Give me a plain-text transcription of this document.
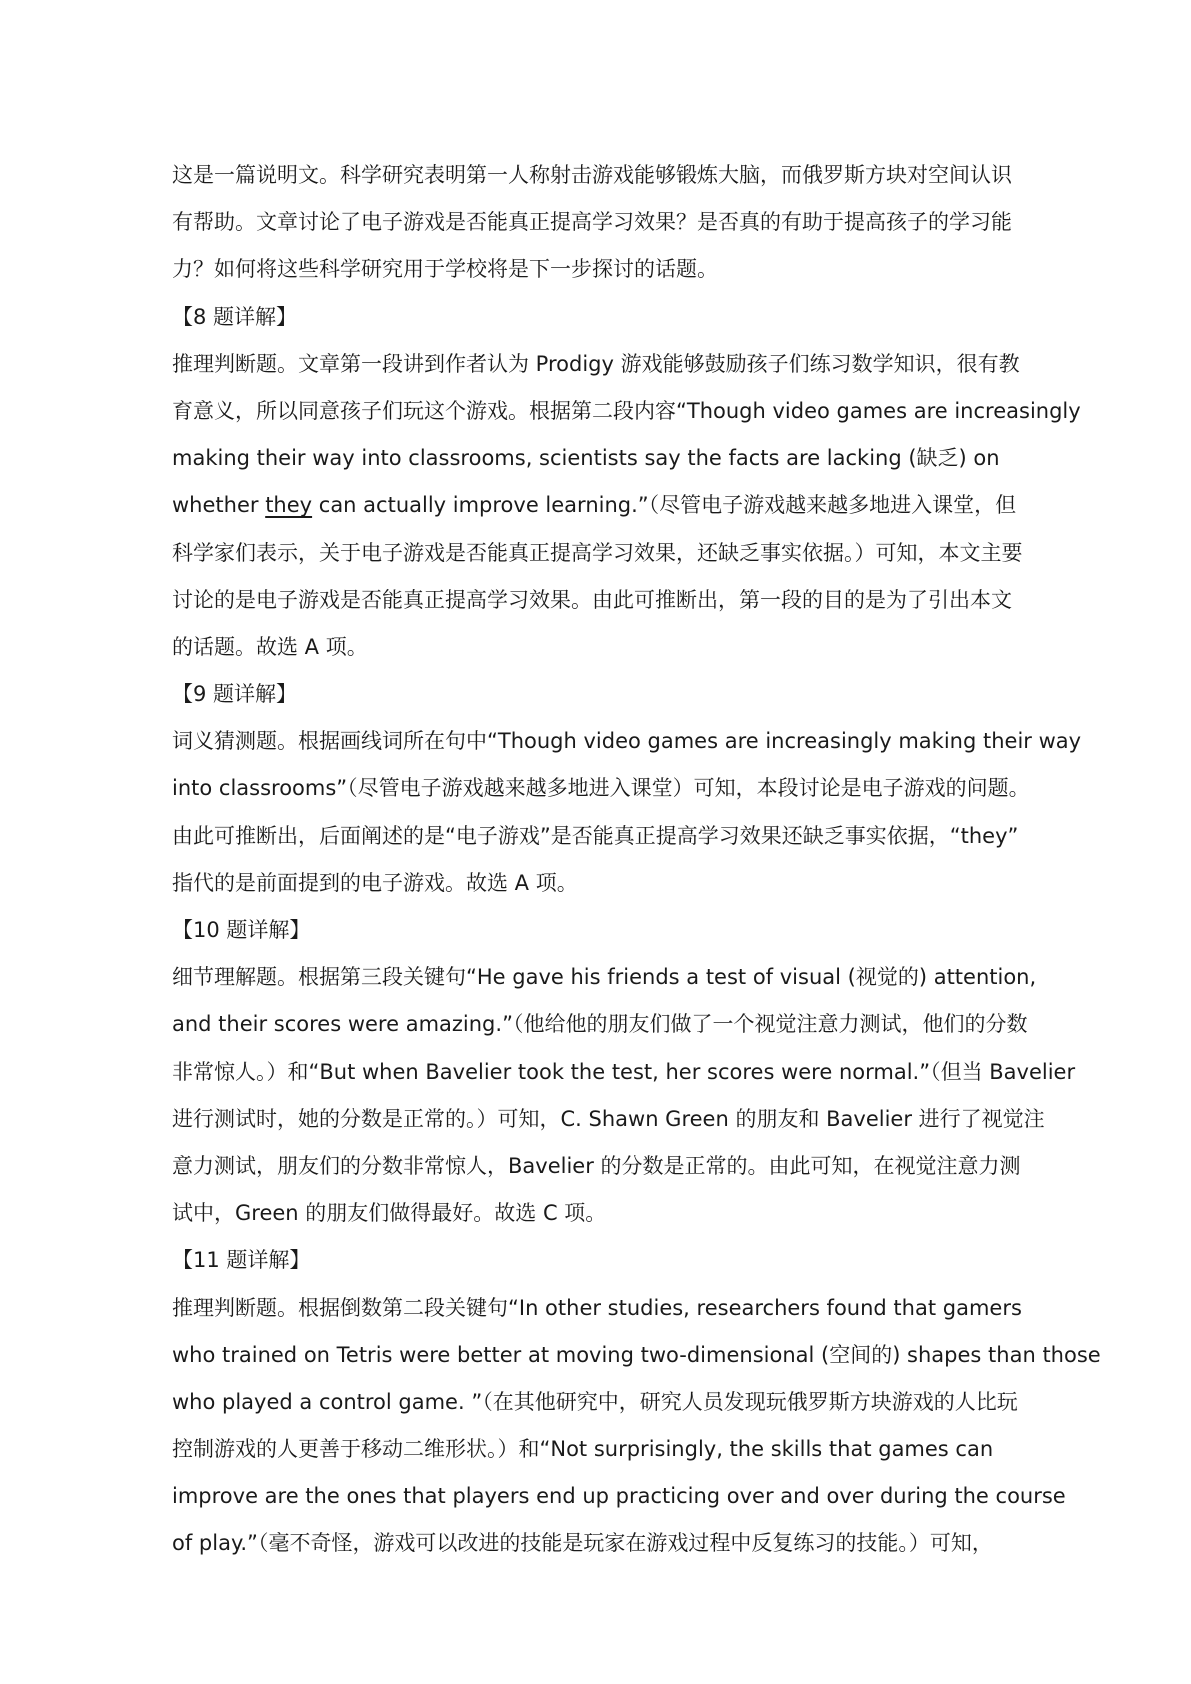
这是一篇说明文。科学研究表明第一人称射击游戏能够锻炼大脑，而俄罗斯方块对空间认识
有帮助。文章讨论了电子游戏是否能真正提高学习效果？是否真的有助于提高孩子的学习能
力？如何将这些科学研究用于学校将是下一步探讨的话题。
【8 题详解】
推理判断题。文章第一段讲到作者认为 Prodigy 游戏能够鼓励孩子们练习数学知识，很有教
育意义，所以同意孩子们玩这个游戏。根据第二段内容“Though video games are increasingly
making their way into classrooms, scientists say the facts are lacking (缺乏) on
whether they can actually improve learning.”（尽管电子游戏越来越多地进入课堂，但
科学家们表示，关于电子游戏是否能真正提高学习效果，还缺乏事实依据。）可知，本文主要
讨论的是电子游戏是否能真正提高学习效果。由此可推断出，第一段的目的是为了引出本文
的话题。故选 A 项。
【9 题详解】
词义猜测题。根据画线词所在句中“Though video games are increasingly making their way
into classrooms”（尽管电子游戏越来越多地进入课堂）可知，本段讨论是电子游戏的问题。
由此可推断出，后面阐述的是“电子游戏”是否能真正提高学习效果还缺乏事实依据，“they”
指代的是前面提到的电子游戏。故选 A 项。
【10 题详解】
细节理解题。根据第三段关键句“He gave his friends a test of visual (视觉的) attention,
and their scores were amazing.”（他给他的朋友们做了一个视觉注意力测试，他们的分数
非常惊人。）和“But when Bavelier took the test, her scores were normal.”（但当 Bavelier
进行测试时，她的分数是正常的。）可知，C. Shawn Green 的朋友和 Bavelier 进行了视觉注
意力测试，朋友们的分数非常惊人，Bavelier 的分数是正常的。由此可知，在视觉注意力测
试中，Green 的朋友们做得最好。故选 C 项。
【11 题详解】
推理判断题。根据倒数第二段关键句“In other studies, researchers found that gamers
who trained on Tetris were better at moving two-dimensional (空间的) shapes than those
who played a control game. ”（在其他研究中，研究人员发现玩俄罗斯方块游戏的人比玩
控制游戏的人更善于移动二维形状。）和“Not surprisingly, the skills that games can
improve are the ones that players end up practicing over and over during the course
of play.”（毫不奇怪，游戏可以改进的技能是玩家在游戏过程中反复练习的技能。）可知，
